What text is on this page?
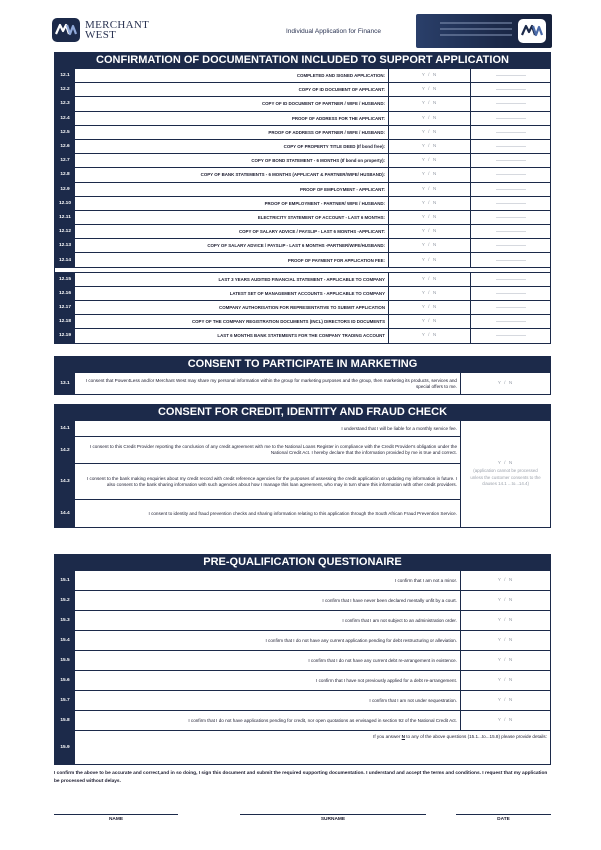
MERCHANT
WEST	Individual Application for Finance
CONFIRMATION OF DOCUMENTATION INCLUDED TO SUPPORT APPLICATION
12.1	COMPLETED AND SIGNED APPLICATION:	Y / N
12.2	COPY OF ID DOCUMENT OF APPLICANT:	Y / N
12.3	COPY OF ID DOCUMENT OF PARTNER / WIFE / HUSBAND:	Y / N
12.4	PROOF OF ADDRESS FOR THE APPLICANT:	Y / N
12.5	PROOF OF ADDRESS OF PARTNER / WIFE / HUSBAND:	Y / N
12.6	COPY OF PROPERTY TITLE DEED (If bond free):	Y / N
12.7	COPY OF BOND STATEMENT - 6 MONTHS (If bond on property):	Y / N
12.8	COPY OF BANK STATEMENTS - 6 MONTHS (APPLICANT & PARTNER/WIFE/ HUSBAND):	Y / N
12.9	PROOF OF EMPLOYMENT - APPLICANT:	Y / N
12.10	PROOF OF EMPLOYMENT - PARTNER/ WIFE / HUSBAND:	Y / N
12.11	ELECTRICITY STATEMENT OF ACCOUNT - LAST 6 MONTHS:	Y / N
12.12	COPY OF SALARY ADVICE / PAYSLIP - LAST 6 MONTHS -APPLICANT:	Y / N
12.13	COPY OF SALARY ADVICE / PAYSLIP - LAST 6 MONTHS -PARTNER/WIFE/HUSBAND:	Y / N
12.14	PROOF OF PAYMENT FOR APPLICATION FEE:	Y / N
12.15	LAST 3 YEARS AUDITED FINANCIAL STATEMENT - APPLICABLE TO COMPANY	Y / N
12.16	LATEST SET OF MANAGEMENT ACCOUNTS - APPLICABLE TO COMPANY	Y / N
12.17	COMPANY AUTHORISATION FOR REPRESENTATIVE TO SUBMIT APPLICATION	Y / N
12.18	COPY OF THE COMPANY REGISTRATION DOCUMENTS (INCL) DIRECTORS ID DOCUMENTS	Y / N
12.19	LAST 6 MONTHS BANK STATEMENTS FOR THE COMPANY TRADING ACCOUNT	Y / N
CONSENT TO PARTICIPATE IN MARKETING
13.1
I consent that Power4Less and/or Merchant West may share my personal information within the group for marketing purposes and the group, then marketing its products, services and special offers to me.	Y / N
CONSENT FOR CREDIT, IDENTITY AND FRAUD CHECK
14.1	I understand that I will be liable for a monthly service fee.
14.2
I consent to this Credit Provider reporting the conclusion of any credit agreement with me to the National Loans Register in compliance with the Credit Provider's obligation under the National Credit Act. I hereby declare that the information provided by me is true and correct.
14.3
I consent to the bank making enquiries about my credit record with credit reference agencies for the purposes of assessing the credit application or updating my information in future. I also consent to the bank sharing information with such agencies about how I manage this loan agreement, who may in turn share this information with other credit providers.
14.4	I consent to identity and fraud prevention checks and sharing information relating to this application through the South African Fraud Prevention Service.
Y / N
(application cannot be processed unless the customer consents to the clauses 14.1 ...to...14.4)
PRE-QUALIFICATION QUESTIONAIRE
15.1	I confirm that I am not a minor.	Y / N
15.2	I confirm that I have never been declared mentally unfit by a court.	Y / N
15.3	I confirm that I am not subject to an administration order.	Y / N
15.4	I confirm that I do not have any current application pending for debt restructuring or alleviation.	Y / N
15.5	I confirm that I do not have any current debt re-arrangement in existence.	Y / N
15.6	I confirm that I have not previously applied for a debt re-arrangement.	Y / N
15.7	I confirm that I am not under sequestration.	Y / N
15.8	I confirm that I do not have applications pending for credit, nor open quotations as envisaged in section 92 of the National Credit Act.	Y / N
15.9
If you answer N to any of the above questions (15.1...to...15.8) please provide details:
I confirm the above to be accurate and correct,and in so doing, I sign this document and submit the required supporting documentation. I understand and accept the terms and conditions. I request that my application be processed without delays.
NAME	SURNAME	DATE
